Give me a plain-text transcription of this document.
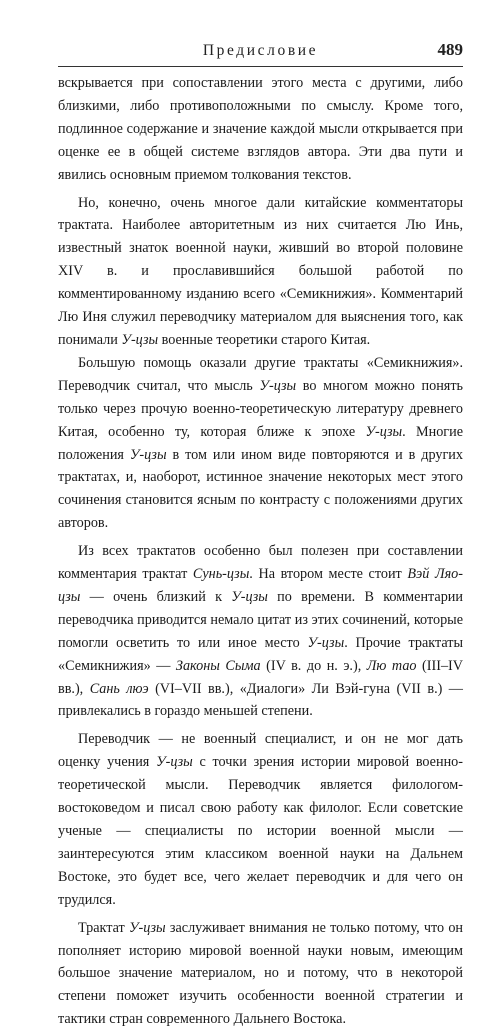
Предисловие	489

вскрывается при сопоставлении этого места с другими, либо близкими, либо противоположными по смыслу. Кроме того, подлинное содержание и значение каждой мысли открывается при оценке ее в общей системе взглядов автора. Эти два пути и явились основным приемом толкования текстов.

Но, конечно, очень многое дали китайские комментаторы трактата. Наиболее авторитетным из них считается Лю Инь, известный знаток военной науки, живший во второй половине XIV в. и прославившийся большой работой по комментированному изданию всего «Семикнижия». Комментарий Лю Иня служил переводчику материалом для выяснения того, как понимали У-цзы военные теоретики старого Китая.

Большую помощь оказали другие трактаты «Семикнижия». Переводчик считал, что мысль У-цзы во многом можно понять только через прочую военно-теоретическую литературу древнего Китая, особенно ту, которая ближе к эпохе У-цзы. Многие положения У-цзы в том или ином виде повторяются и в других трактатах, и, наоборот, истинное значение некоторых мест этого сочинения становится ясным по контрасту с положениями других авторов.

Из всех трактатов особенно был полезен при составлении комментария трактат Сунь-цзы. На втором месте стоит Вэй Ляо-цзы — очень близкий к У-цзы по времени. В комментарии переводчика приводится немало цитат из этих сочинений, которые помогли осветить то или иное место У-цзы. Прочие трактаты «Семикнижия» — Законы Сыма (IV в. до н. э.), Лю тао (III–IV вв.), Сань люэ (VI–VII вв.), «Диалоги» Ли Вэй-гуна (VII в.) — привлекались в гораздо меньшей степени.

Переводчик — не военный специалист, и он не мог дать оценку учения У-цзы с точки зрения истории мировой военно-теоретической мысли. Переводчик является филологом-востоковедом и писал свою работу как филолог. Если советские ученые — специалисты по истории военной мысли — заинтересуются этим классиком военной науки на Дальнем Востоке, это будет все, чего желает переводчик и для чего он трудился.

Трактат У-цзы заслуживает внимания не только потому, что он пополняет историю мировой военной науки новым, имеющим большое значение материалом, но и потому, что в некоторой степени поможет изучить особенности военной стратегии и тактики стран современного Дальнего Востока.
